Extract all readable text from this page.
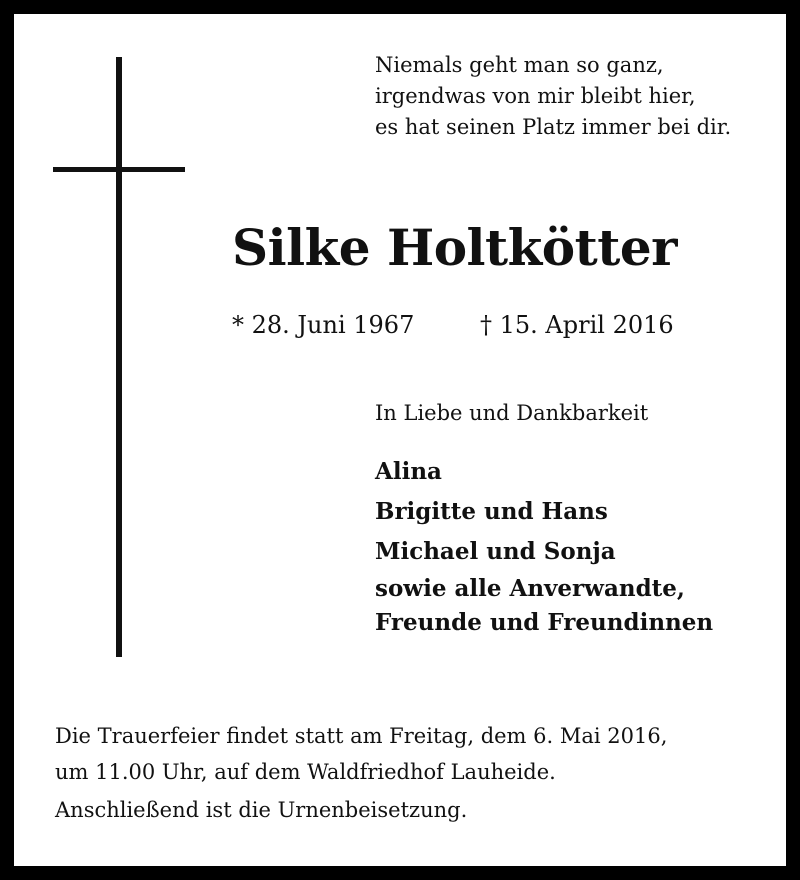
Niemals geht man so ganz,
irgendwas von mir bleibt hier,
es hat seinen Platz immer bei dir.
Silke Holtkötter
* 28. Juni 1967	† 15. April 2016
In Liebe und Dankbarkeit
Alina
Brigitte und Hans
Michael und Sonja
sowie alle Anverwandte,
Freunde und Freundinnen
Die Trauerfeier findet statt am Freitag, dem 6. Mai 2016,
um 11.00 Uhr, auf dem Waldfriedhof Lauheide.
Anschließend ist die Urnenbeisetzung.
